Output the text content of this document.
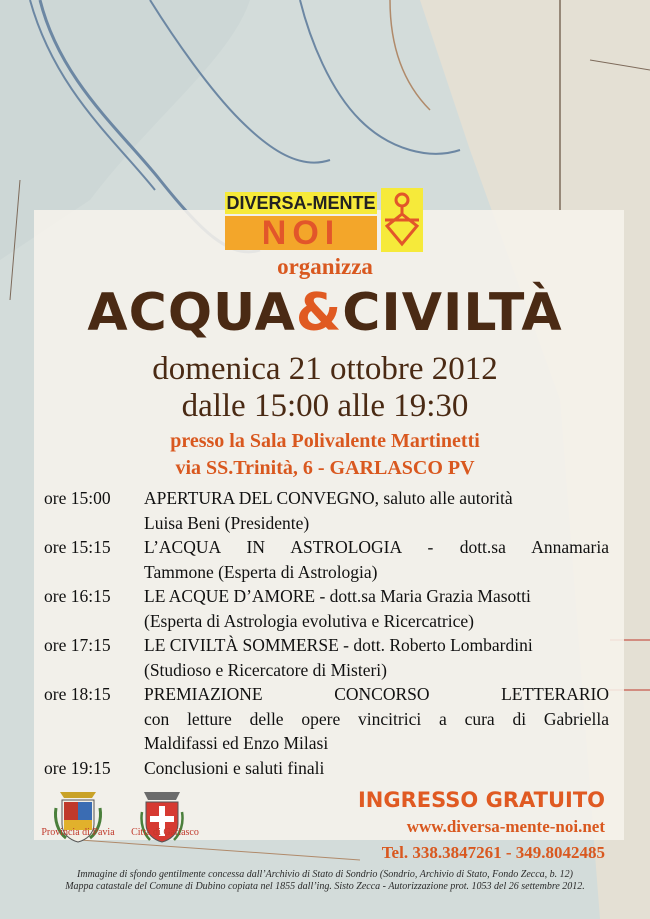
DIVERSA-MENTE
NOI
organizza
ACQUA&CIVILTÀ
domenica 21 ottobre 2012
dalle 15:00 alle 19:30
presso la Sala Polivalente Martinetti
via SS.Trinità, 6 - GARLASCO PV
ore 15:00	APERTURA DEL CONVEGNO, saluto alle autorità
Luisa Beni (Presidente)
ore 15:15	L’ACQUA IN ASTROLOGIA - dott.sa Annamaria
Tammone (Esperta di Astrologia)
ore 16:15	LE ACQUE D’AMORE - dott.sa Maria Grazia Masotti
(Esperta di Astrologia evolutiva e Ricercatrice)
ore 17:15	LE CIVILTÀ SOMMERSE - dott. Roberto Lombardini
(Studioso e Ricercatore di Misteri)
ore 18:15	PREMIAZIONE CONCORSO LETTERARIO
con letture delle opere vincitrici a cura di Gabriella
Maldifassi ed Enzo Milasi
ore 19:15	Conclusioni e saluti finali
Provincia di Pavia	Città di Garlasco
INGRESSO GRATUITO
www.diversa-mente-noi.net
Tel. 338.3847261 - 349.8042485
Immagine di sfondo gentilmente concessa dall’Archivio di Stato di Sondrio (Sondrio, Archivio di Stato, Fondo Zecca, b. 12)
Mappa catastale del Comune di Dubino copiata nel 1855 dall’ing. Sisto Zecca - Autorizzazione prot. 1053 del 26 settembre 2012.
